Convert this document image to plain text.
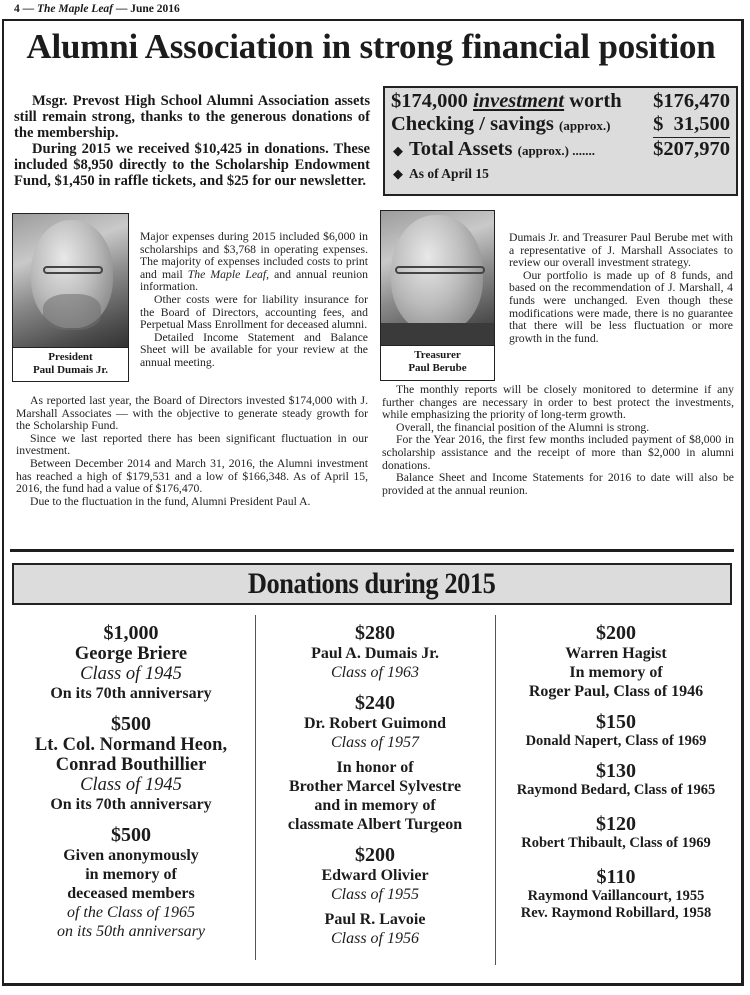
4 — The Maple Leaf — June 2016
Alumni Association in strong financial position

Msgr. Prevost High School Alumni Association assets still remain strong, thanks to the generous donations of the membership.

During 2015 we received $10,425 in donations. These included $8,950 directly to the Scholarship Endowment Fund, $1,450 in raffle tickets, and $25 for our newsletter.

$174,000 investment worth $176,470
Checking / savings (approx.) $  31,500
◆ Total Assets (approx.) .......	$207,970
◆ As of April 15
President
Paul Dumais Jr.

Major expenses during 2015 included $6,000 in scholarships and $3,768 in operating expenses. The majority of expenses included costs to print and mail The Maple Leaf, and annual reunion information.

Other costs were for liability insurance for the Board of Directors, accounting fees, and Perpetual Mass Enrollment for deceased alumni.

Detailed Income Statement and Balance Sheet will be available for your review at the annual meeting.

As reported last year, the Board of Directors invested $174,000 with J. Marshall Associates — with the objective to generate steady growth for the Scholarship Fund.

Since we last reported there has been significant fluctuation in our investment.

Between December 2014 and March 31, 2016, the Alumni investment has reached a high of $179,531 and a low of $166,348. As of April 15, 2016, the fund had a value of $176,470.

Due to the fluctuation in the fund, Alumni President Paul A.

Treasurer
Paul Berube

Dumais Jr. and Treasurer Paul Berube met with a representative of J. Marshall Associates to review our overall investment strategy.

Our portfolio is made up of 8 funds, and based on the recommendation of J. Marshall, 4 funds were unchanged. Even though these modifications were made, there is no guarantee that there will be less fluctuation or more growth in the fund.

The monthly reports will be closely monitored to determine if any further changes are necessary in order to best protect the investments, while emphasizing the priority of long-term growth.

Overall, the financial position of the Alumni is strong.

For the Year 2016, the first few months included payment of $8,000 in scholarship assistance and the receipt of more than $2,000 in alumni donations.

Balance Sheet and Income Statements for 2016 to date will also be provided at the annual reunion.

Donations during 2015
$1,000
George Briere
Class of 1945
On its 70th anniversary
$500
Lt. Col. Normand Heon,
Conrad Bouthillier
Class of 1945
On its 70th anniversary
$500
Given anonymously
in memory of
deceased members
of the Class of 1965
on its 50th anniversary
$280
Paul A. Dumais Jr.
Class of 1963
$240
Dr. Robert Guimond
Class of 1957
In honor of
Brother Marcel Sylvestre
and in memory of
classmate Albert Turgeon
$200
Edward Olivier
Class of 1955
Paul R. Lavoie
Class of 1956
$200
Warren Hagist
In memory of
Roger Paul, Class of 1946
$150
Donald Napert, Class of 1969
$130
Raymond Bedard, Class of 1965
$120
Robert Thibault, Class of 1969
$110
Raymond Vaillancourt, 1955
Rev. Raymond Robillard, 1958
